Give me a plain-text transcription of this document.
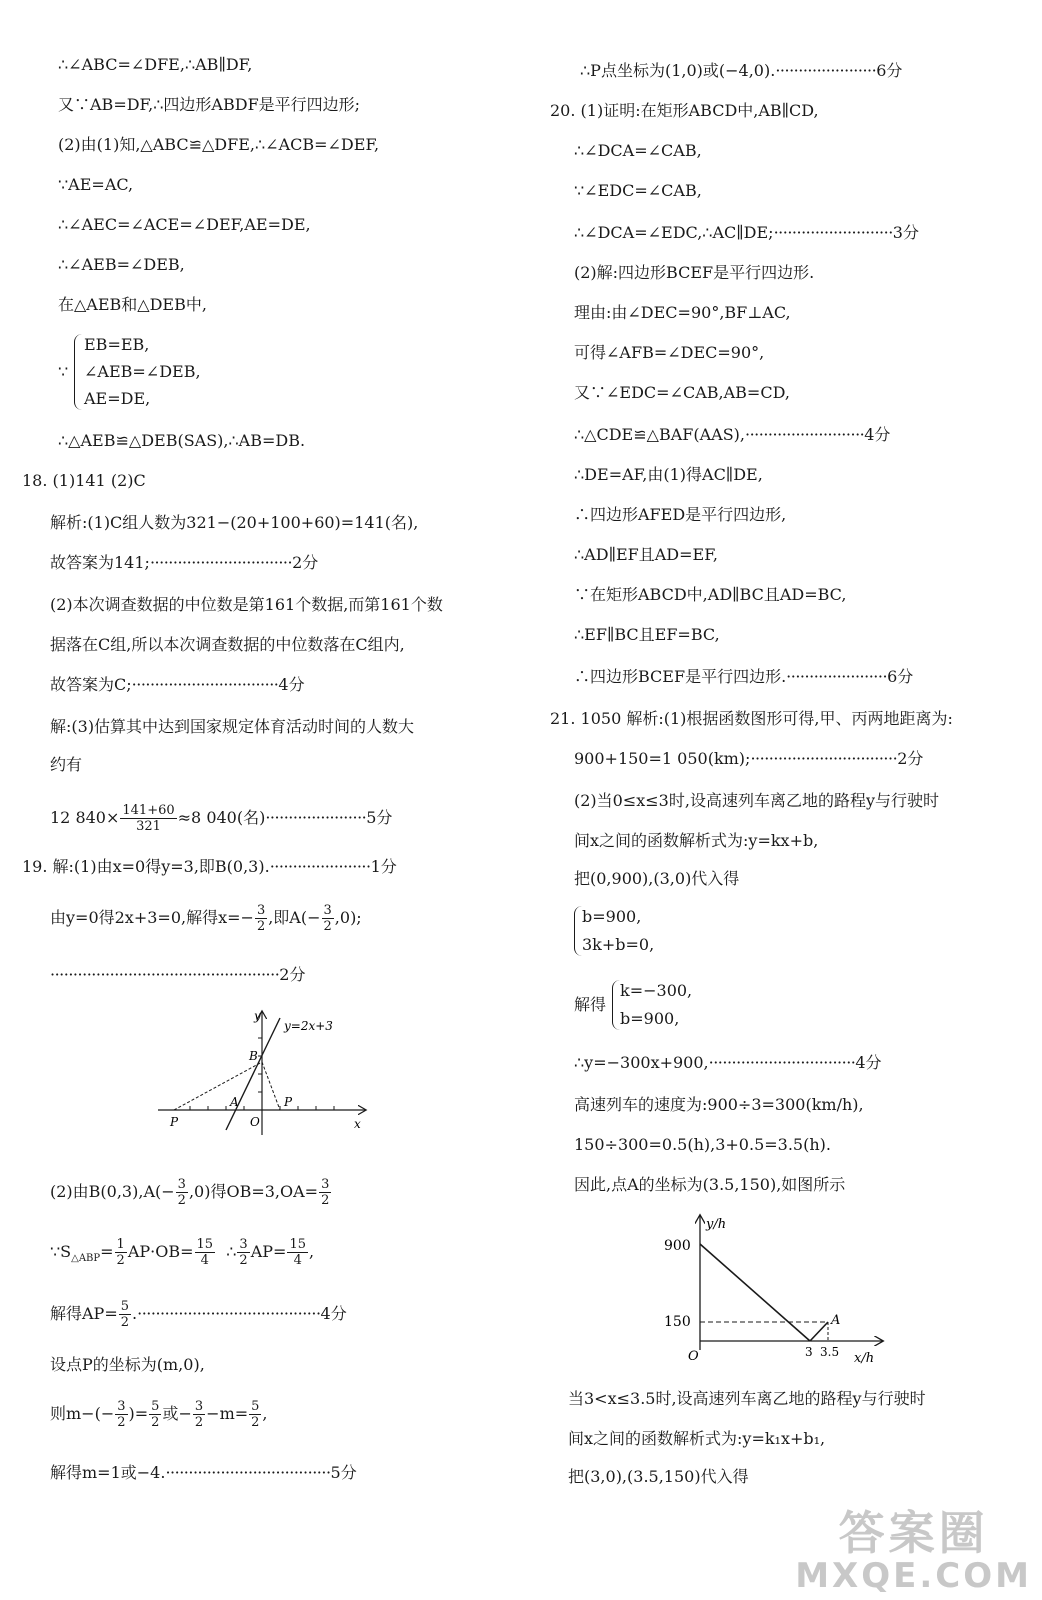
∴∠ABC=∠DFE,∴AB∥DF,
又∵AB=DF,∴四边形ABDF是平行四边形;
(2)由(1)知,△ABC≌△DFE,∴∠ACB=∠DEF,
∵AE=AC,
∴∠AEC=∠ACE=∠DEF,AE=DE,
∴∠AEB=∠DEB,
在△AEB和△DEB中,
∵
EB=EB,
∠AEB=∠DEB,
AE=DE,
∴△AEB≌△DEB(SAS),∴AB=DB.
18. (1)141 (2)C
解析:(1)C组人数为321−(20+100+60)=141(名),
故答案为141;·······························2分
(2)本次调查数据的中位数是第161个数据,而第161个数
据落在C组,所以本次调查数据的中位数落在C组内,
故答案为C;································4分
解:(3)估算其中达到国家规定体育活动时间的人数大
约有
12 $840\times \frac{141+60}{321} \approx 8$ 040(名)······················5分
19. 解:(1)由x=0得y=3,即B(0,3).······················1分
由y=0得2x+3=0,解得$x=- \frac{3}{2}$ ,即$A(- \frac{3}{2} ,0)$;
··················································2分
y
y=2x+3
B
A
P
P
O	x
(2)由$B(0,3),A(- \frac{3}{2} ,0)$得$OB=3,OA= \frac{3}{2}$
$\because S_{\triangle ABP}= \frac{1}{2} AP\cdot OB= \frac{15}{4}$ ∴ $\frac{3}{2} AP= \frac{15}{4}$ ,
解得$AP= \frac{5}{2} .\cdot\cdot\cdot\cdot\cdot\cdot\cdot\cdot\cdot\cdot\cdot\cdot\cdot\cdot\cdot\cdot\cdot\cdot\cdot\cdot\cdot\cdot\cdot\cdot\cdot\cdot\cdot\cdot\cdot\cdot\cdot\cdot\cdot\cdot\cdot\cdot\cdot\cdot\cdot\cdot 4$分
设点P的坐标为(m,0),
则$m-(- \frac{3}{2}$ )= $\frac{5}{2}$ 或− $\frac{3}{2} -m= \frac{5}{2}$ ,
解得m=1或−4.····································5分
∴P点坐标为(1,0)或(−4,0).······················6分
20. (1)证明:在矩形ABCD中,AB∥CD,
∴∠DCA=∠CAB,
∵∠EDC=∠CAB,
∴∠DCA=∠EDC,∴AC∥DE;··························3分
(2)解:四边形BCEF是平行四边形.
理由:由∠DEC=90°,BF⊥AC,
可得∠AFB=∠DEC=90°,
又∵∠EDC=∠CAB,AB=CD,
∴△CDE≌△BAF(AAS),··························4分
∴DE=AF,由(1)得AC∥DE,
∴四边形AFED是平行四边形,
∴AD∥EF且AD=EF,
∵在矩形ABCD中,AD∥BC且AD=BC,
∴EF∥BC且EF=BC,
∴四边形BCEF是平行四边形.······················6分
21. 1050 解析:(1)根据函数图形可得,甲、丙两地距离为:
900+150=1 050(km);································2分
(2)当0≤x≤3时,设高速列车离乙地的路程y与行驶时
间x之间的函数解析式为:y=kx+b,
把(0,900),(3,0)代入得
b=900,
3k+b=0,
解得
k=−300,
b=900,
∴y=−300x+900,································4分
高速列车的速度为:900÷3=300(km/h),
150÷300=0.5(h),3+0.5=3.5(h).
因此,点A的坐标为(3.5,150),如图所示
y/h
900
150
O	3 3.5 x/h
A
当3<x≤3.5时,设高速列车离乙地的路程y与行驶时
间x之间的函数解析式为:y=k₁x+b₁,
把(3,0),(3.5,150)代入得
答案圈
MXQE.COM
